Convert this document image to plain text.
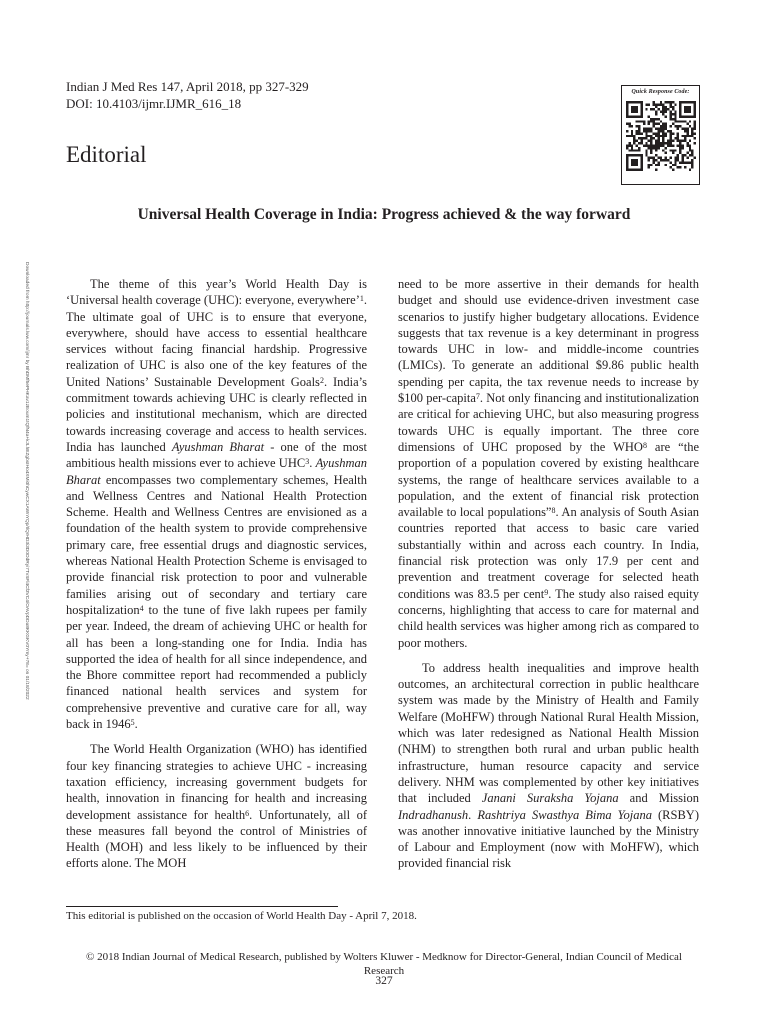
Indian J Med Res 147, April 2018, pp 327-329
DOI: 10.4103/ijmr.IJMR_616_18
Quick Response Code:
Editorial
Universal Health Coverage in India: Progress achieved & the way forward
Downloaded from http://journals.lww.com/ijmr by BhDMf5ePHKav1zEoum1tQfN4a+kJLhEZgbsIHo4XMi0hCywCX1AWnYQp/IlQrHD3i3D0OdRyi7TvSFl4Cf3VC4/OAVpDDa8KKGKV0Ymy+78= on 01/18/2022	The theme of this year’s World Health Day is ‘Universal health coverage (UHC): everyone, everywhere’$^1$. The ultimate goal of UHC is to ensure that everyone, everywhere, should have access to essential healthcare services without facing financial hardship. Progressive realization of UHC is also one of the key features of the United Nations’ Sustainable Development Goals$^2$. India’s commitment towards achieving UHC is clearly reflected in policies and institutional mechanism, which are directed towards increasing coverage and access to health services. India has launched Ayushman Bharat - one of the most ambitious health missions ever to achieve UHC$^3$. Ayushman Bharat encompasses two complementary schemes, Health and Wellness Centres and National Health Protection Scheme. Health and Wellness Centres are envisioned as a foundation of the health system to provide comprehensive primary care, free essential drugs and diagnostic services, whereas National Health Protection Scheme is envisaged to provide financial risk protection to poor and vulnerable families arising out of secondary and tertiary care hospitalization$^4$ to the tune of five lakh rupees per family per year. Indeed, the dream of achieving UHC or health for all has been a long-standing one for India. India has supported the idea of health for all since independence, and the Bhore committee report had recommended a publicly financed national health services and system for comprehensive preventive and curative care for all, way back in 1946$^5$.

The World Health Organization (WHO) has identified four key financing strategies to achieve UHC - increasing taxation efficiency, increasing government budgets for health, innovation in financing for health and increasing development assistance for health$^6$. Unfortunately, all of these measures fall beyond the control of Ministries of Health (MOH) and less likely to be influenced by their efforts alone. The MOH

need to be more assertive in their demands for health budget and should use evidence-driven investment case scenarios to justify higher budgetary allocations. Evidence suggests that tax revenue is a key determinant in progress towards UHC in low- and middle-income countries (LMICs). To generate an additional $9.86 public health spending per capita, the tax revenue needs to increase by $100 per-capita$^7$. Not only financing and institutionalization are critical for achieving UHC, but also measuring progress towards UHC is equally important. The three core dimensions of UHC proposed by the WHO$^8$ are “the proportion of a population covered by existing healthcare systems, the range of healthcare services available to a population, and the extent of financial risk protection available to local populations”$^8$. An analysis of South Asian countries reported that access to basic care varied substantially within and across each country. In India, financial risk protection was only 17.9 per cent and prevention and treatment coverage for selected heath conditions was 83.5 per cent$^9$. The study also raised equity concerns, highlighting that access to care for maternal and child health services was higher among rich as compared to poor mothers.

To address health inequalities and improve health outcomes, an architectural correction in public healthcare system was made by the Ministry of Health and Family Welfare (MoHFW) through National Rural Health Mission, which was later redesigned as National Health Mission (NHM) to strengthen both rural and urban public health infrastructure, human resource capacity and service delivery. NHM was complemented by other key initiatives that included Janani Suraksha Yojana and Mission Indradhanush. Rashtriya Swasthya Bima Yojana (RSBY) was another innovative initiative launched by the Ministry of Labour and Employment (now with MoHFW), which provided financial risk

This editorial is published on the occasion of World Health Day - April 7, 2018.
© 2018 Indian Journal of Medical Research, published by Wolters Kluwer - Medknow for Director-General, Indian Council of Medical Research
327
